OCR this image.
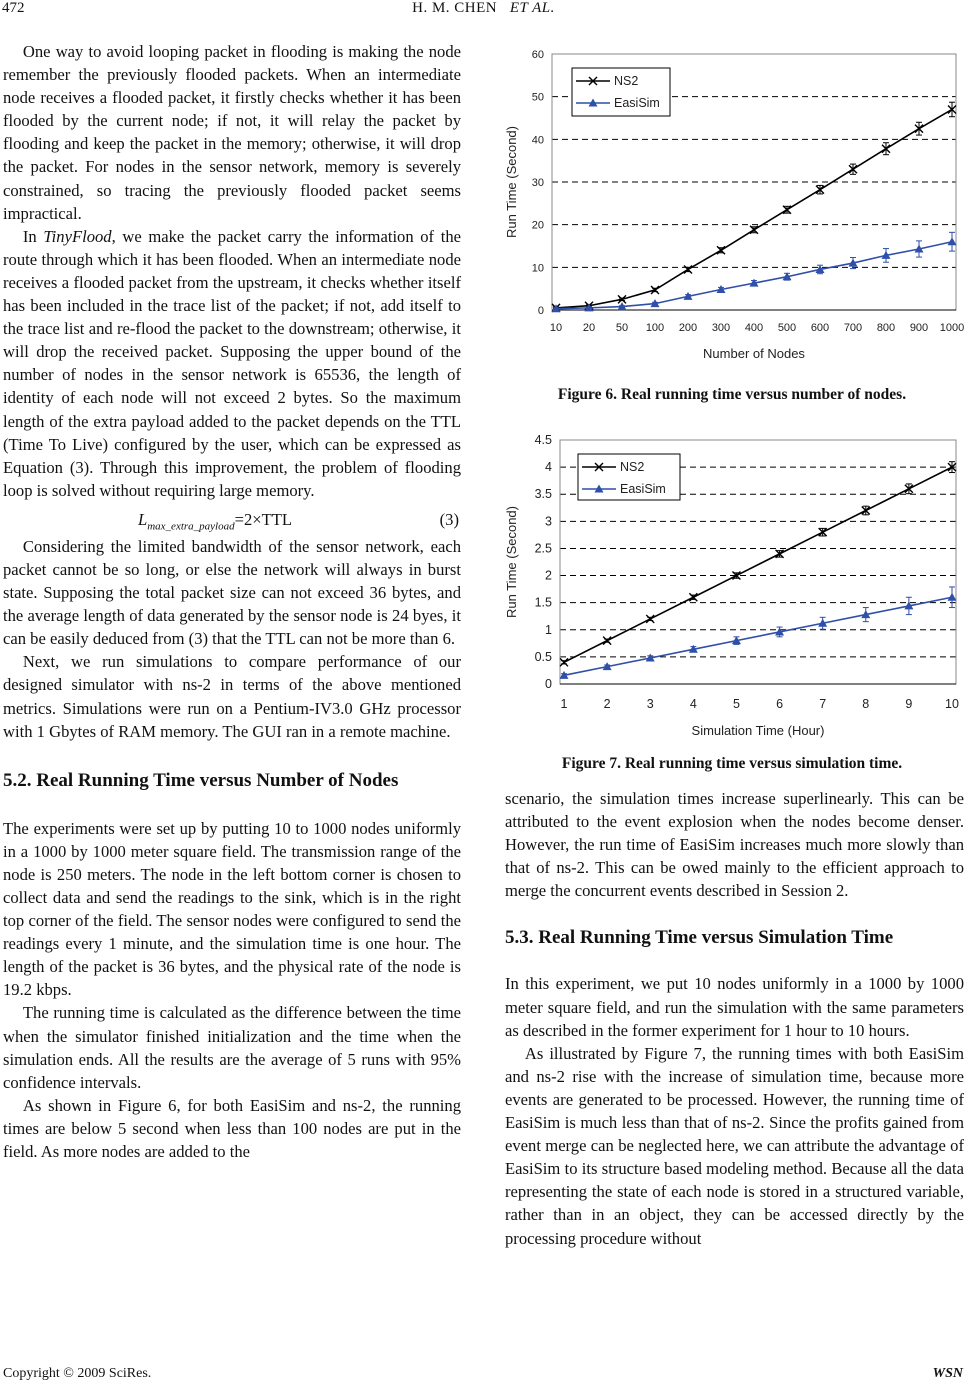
472	H. M. CHEN ET AL.

One way to avoid looping packet in flooding is making the node remember the previously flooded packets. When an intermediate node receives a flooded packet, it firstly checks whether it has been flooded by the current node; if not, it will relay the packet by flooding and keep the packet in the memory; otherwise, it will drop the packet. For nodes in the sensor network, memory is severely constrained, so tracing the previously flooded packet seems impractical.

In TinyFlood, we make the packet carry the information of the route through which it has been flooded. When an intermediate node receives a flooded packet from the upstream, it checks whether itself has been included in the trace list of the packet; if not, add itself to the trace list and re-flood the packet to the downstream; otherwise, it will drop the received packet. Supposing the upper bound of the number of nodes in the sensor network is 65536, the length of identity of each node will not exceed 2 bytes. So the maximum length of the extra payload added to the packet depends on the TTL (Time To Live) configured by the user, which can be expressed as Equation (3). Through this improvement, the problem of flooding loop is solved without requiring large memory.

$L_{max\_extra\_payload}=2\times TTL$	(3)

Considering the limited bandwidth of the sensor network, each packet cannot be so long, or else the network will always in burst state. Supposing the total packet size can not exceed 36 bytes, and the average length of data generated by the sensor node is 24 byes, it can be easily deduced from (3) that the TTL can not be more than 6.

Next, we run simulations to compare performance of our designed simulator with ns-2 in terms of the above mentioned metrics. Simulations were run on a Pentium-IV3.0 GHz processor with 1 Gbytes of RAM memory. The GUI ran in a remote machine.

5.2. Real Running Time versus Number of Nodes

The experiments were set up by putting 10 to 1000 nodes uniformly in a 1000 by 1000 meter square field. The transmission range of the node is 250 meters. The node in the left bottom corner is chosen to collect data and send the readings to the sink, which is in the right top corner of the field. The sensor nodes were configured to send the readings every 1 minute, and the simulation time is one hour. The length of the packet is 36 bytes, and the physical rate of the node is 19.2 kbps.

The running time is calculated as the difference between the time when the simulator finished initialization and the time when the simulation ends. All the results are the average of 5 runs with 95% confidence intervals.

As shown in Figure 6, for both EasiSim and ns-2, the running times are below 5 second when less than 100 nodes are put in the field. As more nodes are added to the

0
10
20
30
40
50
60
10 20 50 100 200 300 400 500 600 700 800 900 1000
Number of Nodes
Run Time (Second)
NS2
EasiSim
Figure 6. Real running time versus number of nodes.
0
0.5
1
1.5
2
2.5
3
3.5
4
4.5
1	2	3	4	5	6	7	8	9	10
Simulation Time (Hour)
Run Time (Second)
NS2
EasiSim
Figure 7. Real running time versus simulation time.

scenario, the simulation times increase superlinearly. This can be attributed to the event explosion when the nodes become denser. However, the run time of EasiSim increases much more slowly than that of ns-2. This can be owed mainly to the efficient approach to merge the concurrent events described in Session 2.

5.3. Real Running Time versus Simulation Time

In this experiment, we put 10 nodes uniformly in a 1000 by 1000 meter square field, and run the simulation with the same parameters as described in the former experiment for 1 hour to 10 hours.

As illustrated by Figure 7, the running times with both EasiSim and ns-2 rise with the increase of simulation time, because more events are generated to be processed. However, the running time of EasiSim is much less than that of ns-2. Since the profits gained from event merge can be neglected here, we can attribute the advantage of EasiSim to its structure based modeling method. Because all the data representing the state of each node is stored in a structured variable, rather than in an object, they can be accessed directly by the processing procedure without

Copyright © 2009 SciRes.	WSN
